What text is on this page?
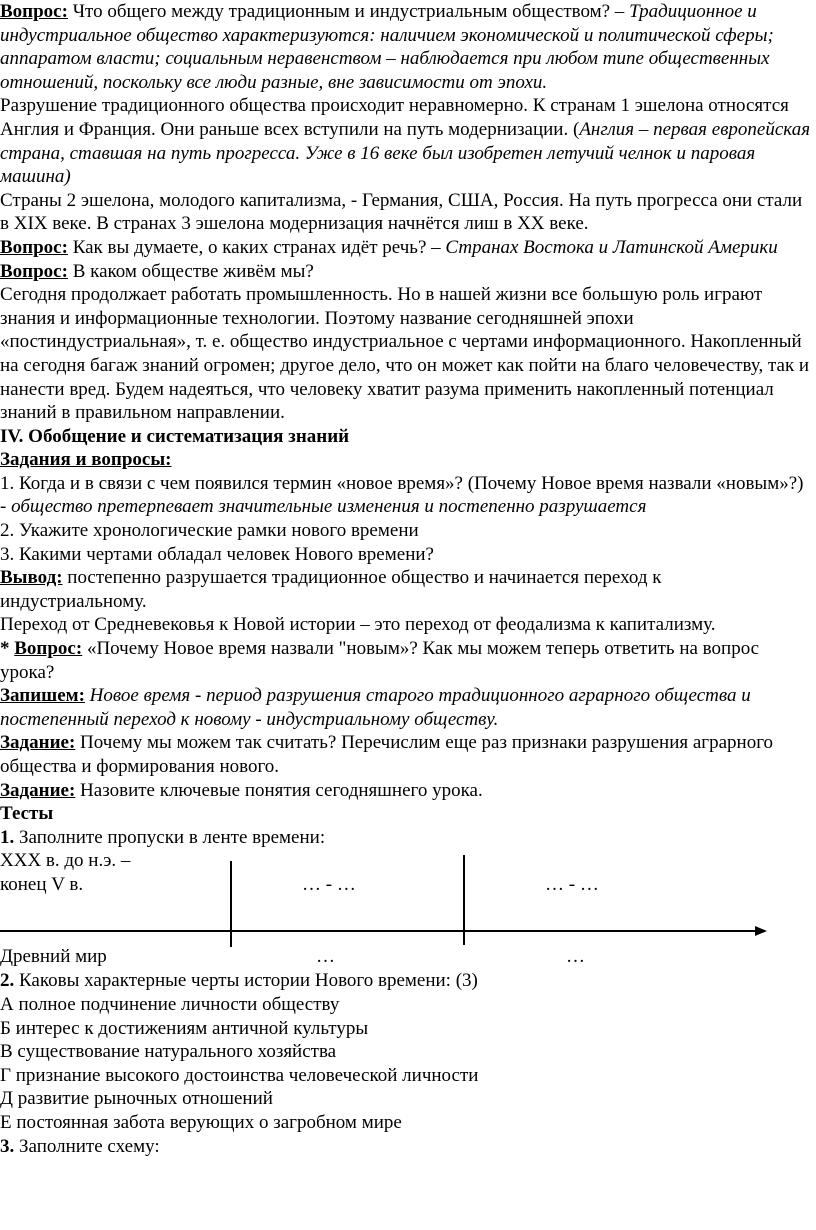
Вопрос: Что общего между традиционным и индустриальным обществом? – Традиционное и индустриальное общество характеризуются: наличием экономической и политической сферы; аппаратом власти; социальным неравенством – наблюдается при любом типе общественных отношений, поскольку все люди разные, вне зависимости от эпохи.

Разрушение традиционного общества происходит неравномерно. К странам 1 эшелона относятся Англия и Франция. Они раньше всех вступили на путь модернизации. (Англия – первая европейская страна, ставшая на путь прогресса. Уже в 16 веке был изобретен летучий челнок и паровая машина)

Страны 2 эшелона, молодого капитализма, - Германия, США, Россия. На путь прогресса они стали в XIX веке. В странах 3 эшелона модернизация начнётся лиш в XX веке.

Вопрос: Как вы думаете, о каких странах идёт речь? – Странах Востока и Латинской Америки

Вопрос: В каком обществе живём мы?

Сегодня продолжает работать промышленность. Но в нашей жизни все большую роль играют знания и информационные технологии. Поэтому название сегодняшней эпохи «постиндустриальная», т. е. общество индустриальное с чертами информационного. Накопленный на сегодня багаж знаний огромен; другое дело, что он может как пойти на благо человечеству, так и нанести вред. Будем надеяться, что человеку хватит разума применить накопленный потенциал знаний в правильном направлении.

IV. Обобщение и систематизация знаний

Задания и вопросы:

1. Когда и в связи с чем появился термин «новое время»? (Почему Новое время назвали «новым»?) - общество претерпевает значительные изменения и постепенно разрушается

2. Укажите хронологические рамки нового времени

3. Какими чертами обладал человек Нового времени?

Вывод: постепенно разрушается традиционное общество и начинается переход к индустриальному.

Переход от Средневековья к Новой истории – это переход от феодализма к капитализму.

* Вопрос: «Почему Новое время назвали "новым»? Как мы можем теперь ответить на вопрос урока?

Запишем: Новое время - период разрушения старого традиционного аграрного общества и постепенный переход к новому - индустриальному обществу.

Задание: Почему мы можем так считать? Перечислим еще раз признаки разрушения аграрного общества и формирования нового.

Задание: Назовите ключевые понятия сегодняшнего урока.

Тесты

1. Заполните пропуски в ленте времени:

XXX в. до н.э. –
конец V в.	… - …	… - …

Древний мир	…	…

2. Каковы характерные черты истории Нового времени: (3)

А полное подчинение личности обществу

Б интерес к достижениям античной культуры

В существование натурального хозяйства

Г признание высокого достоинства человеческой личности

Д развитие рыночных отношений

Е постоянная забота верующих о загробном мире

3. Заполните схему:
